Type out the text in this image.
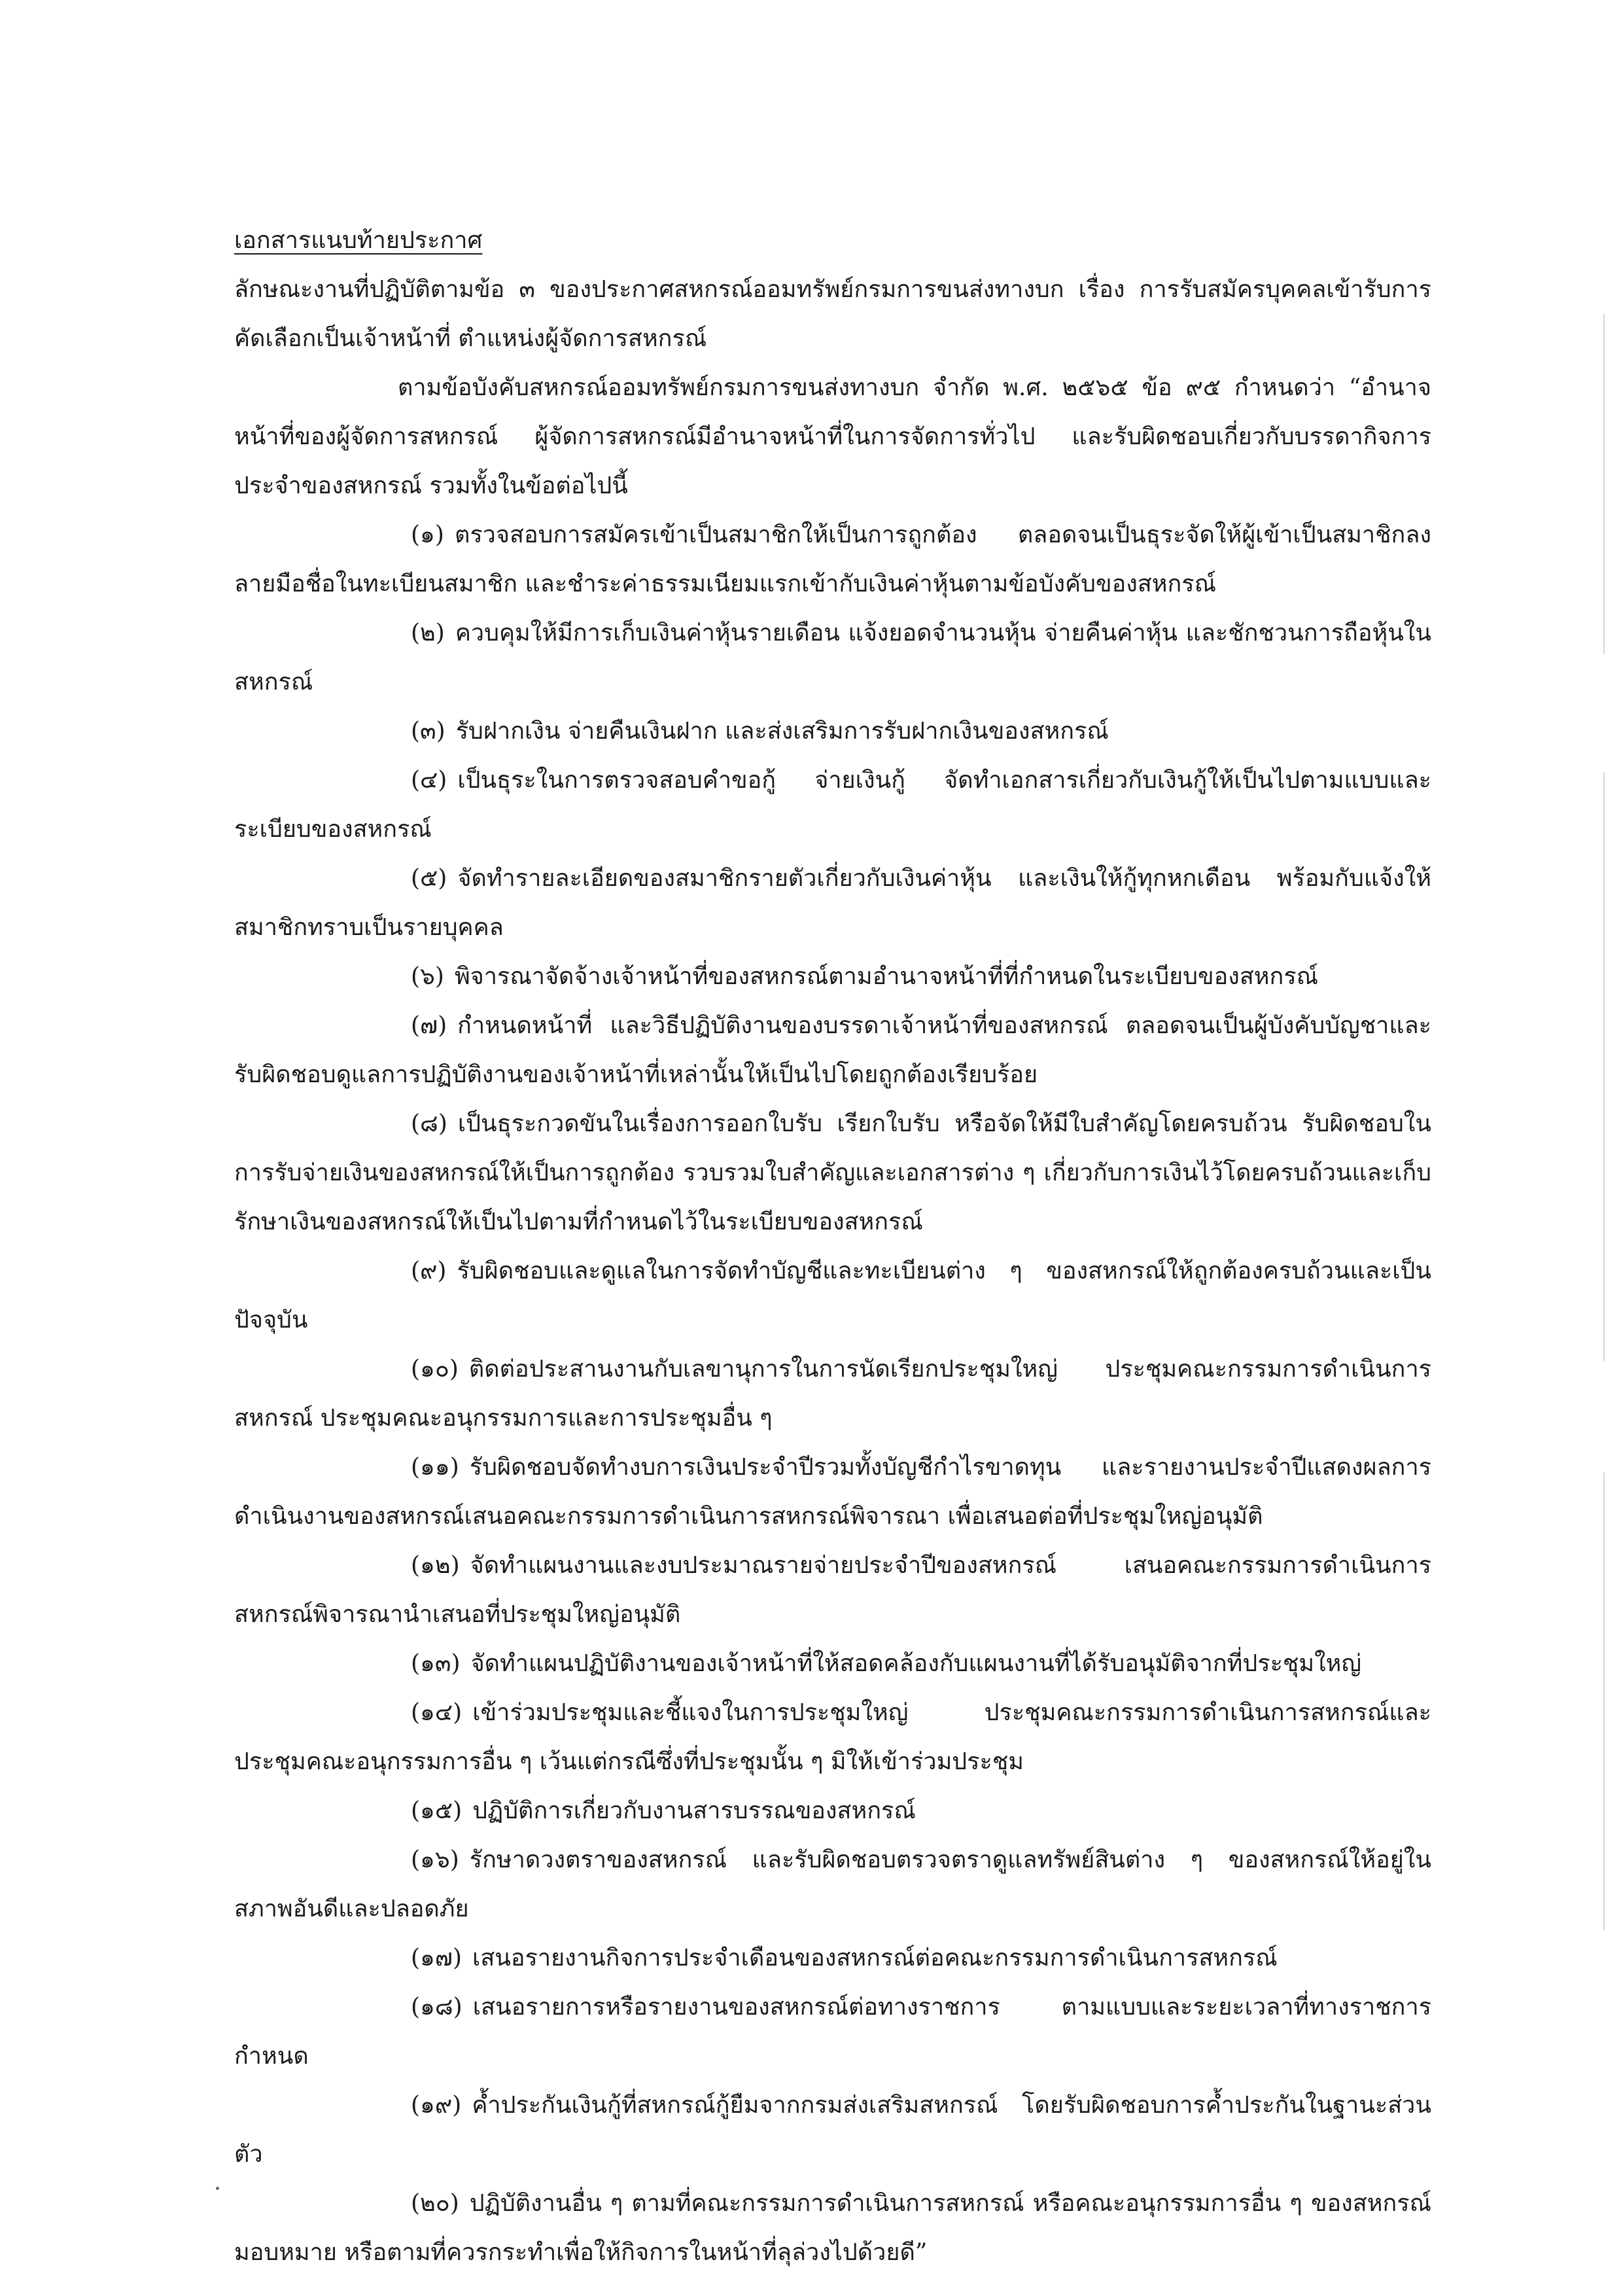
เอกสารแนบท้ายประกาศ

ลักษณะงานที่ปฏิบัติตามข้อ ๓ ของประกาศสหกรณ์ออมทรัพย์กรมการขนส่งทางบก เรื่อง การรับสมัครบุคคลเข้ารับการคัดเลือกเป็นเจ้าหน้าที่ ตำแหน่งผู้จัดการสหกรณ์

ตามข้อบังคับสหกรณ์ออมทรัพย์กรมการขนส่งทางบก จำกัด พ.ศ. ๒๕๖๕ ข้อ ๙๕ กำหนดว่า “อำนาจหน้าที่ของผู้จัดการสหกรณ์ ผู้จัดการสหกรณ์มีอำนาจหน้าที่ในการจัดการทั่วไป และรับผิดชอบเกี่ยวกับบรรดากิจการประจำของสหกรณ์ รวมทั้งในข้อต่อไปนี้

(๑) ตรวจสอบการสมัครเข้าเป็นสมาชิกให้เป็นการถูกต้อง ตลอดจนเป็นธุระจัดให้ผู้เข้าเป็นสมาชิกลงลายมือชื่อในทะเบียนสมาชิก และชำระค่าธรรมเนียมแรกเข้ากับเงินค่าหุ้นตามข้อบังคับของสหกรณ์

(๒) ควบคุมให้มีการเก็บเงินค่าหุ้นรายเดือน แจ้งยอดจำนวนหุ้น จ่ายคืนค่าหุ้น และชักชวนการถือหุ้นในสหกรณ์

(๓) รับฝากเงิน จ่ายคืนเงินฝาก และส่งเสริมการรับฝากเงินของสหกรณ์

(๔) เป็นธุระในการตรวจสอบคำขอกู้ จ่ายเงินกู้ จัดทำเอกสารเกี่ยวกับเงินกู้ให้เป็นไปตามแบบและระเบียบของสหกรณ์

(๕) จัดทำรายละเอียดของสมาชิกรายตัวเกี่ยวกับเงินค่าหุ้น และเงินให้กู้ทุกหกเดือน พร้อมกับแจ้งให้สมาชิกทราบเป็นรายบุคคล

(๖) พิจารณาจัดจ้างเจ้าหน้าที่ของสหกรณ์ตามอำนาจหน้าที่ที่กำหนดในระเบียบของสหกรณ์

(๗) กำหนดหน้าที่ และวิธีปฏิบัติงานของบรรดาเจ้าหน้าที่ของสหกรณ์ ตลอดจนเป็นผู้บังคับบัญชาและรับผิดชอบดูแลการปฏิบัติงานของเจ้าหน้าที่เหล่านั้นให้เป็นไปโดยถูกต้องเรียบร้อย

(๘) เป็นธุระกวดขันในเรื่องการออกใบรับ เรียกใบรับ หรือจัดให้มีใบสำคัญโดยครบถ้วน รับผิดชอบในการรับจ่ายเงินของสหกรณ์ให้เป็นการถูกต้อง รวบรวมใบสำคัญและเอกสารต่าง ๆ เกี่ยวกับการเงินไว้โดยครบถ้วนและเก็บรักษาเงินของสหกรณ์ให้เป็นไปตามที่กำหนดไว้ในระเบียบของสหกรณ์

(๙) รับผิดชอบและดูแลในการจัดทำบัญชีและทะเบียนต่าง ๆ ของสหกรณ์ให้ถูกต้องครบถ้วนและเป็นปัจจุบัน

(๑๐) ติดต่อประสานงานกับเลขานุการในการนัดเรียกประชุมใหญ่ ประชุมคณะกรรมการดำเนินการสหกรณ์ ประชุมคณะอนุกรรมการและการประชุมอื่น ๆ

(๑๑) รับผิดชอบจัดทำงบการเงินประจำปีรวมทั้งบัญชีกำไรขาดทุน และรายงานประจำปีแสดงผลการดำเนินงานของสหกรณ์เสนอคณะกรรมการดำเนินการสหกรณ์พิจารณา เพื่อเสนอต่อที่ประชุมใหญ่อนุมัติ

(๑๒) จัดทำแผนงานและงบประมาณรายจ่ายประจำปีของสหกรณ์ เสนอคณะกรรมการดำเนินการสหกรณ์พิจารณานำเสนอที่ประชุมใหญ่อนุมัติ

(๑๓) จัดทำแผนปฏิบัติงานของเจ้าหน้าที่ให้สอดคล้องกับแผนงานที่ได้รับอนุมัติจากที่ประชุมใหญ่

(๑๔) เข้าร่วมประชุมและชี้แจงในการประชุมใหญ่ ประชุมคณะกรรมการดำเนินการสหกรณ์และประชุมคณะอนุกรรมการอื่น ๆ เว้นแต่กรณีซึ่งที่ประชุมนั้น ๆ มิให้เข้าร่วมประชุม

(๑๕) ปฏิบัติการเกี่ยวกับงานสารบรรณของสหกรณ์

(๑๖) รักษาดวงตราของสหกรณ์ และรับผิดชอบตรวจตราดูแลทรัพย์สินต่าง ๆ ของสหกรณ์ให้อยู่ในสภาพอันดีและปลอดภัย

(๑๗) เสนอรายงานกิจการประจำเดือนของสหกรณ์ต่อคณะกรรมการดำเนินการสหกรณ์

(๑๘) เสนอรายการหรือรายงานของสหกรณ์ต่อทางราชการ ตามแบบและระยะเวลาที่ทางราชการกำหนด

(๑๙) ค้ำประกันเงินกู้ที่สหกรณ์กู้ยืมจากกรมส่งเสริมสหกรณ์ โดยรับผิดชอบการค้ำประกันในฐานะส่วนตัว

(๒๐) ปฏิบัติงานอื่น ๆ ตามที่คณะกรรมการดำเนินการสหกรณ์ หรือคณะอนุกรรมการอื่น ๆ ของสหกรณ์มอบหมาย หรือตามที่ควรกระทำเพื่อให้กิจการในหน้าที่ลุล่วงไปด้วยดี”
